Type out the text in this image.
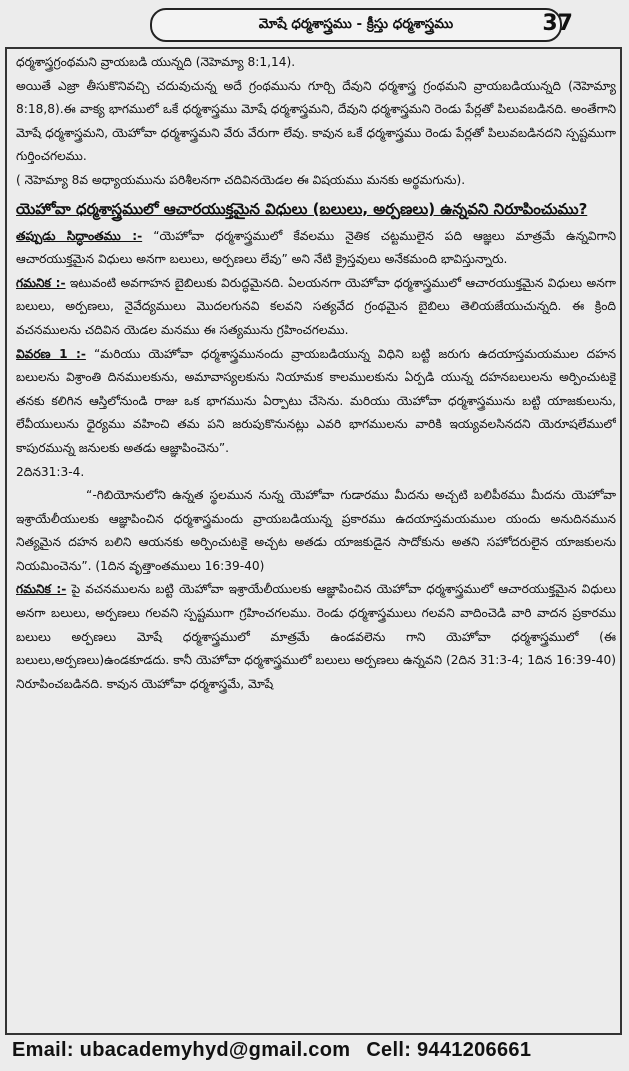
మోషే ధర్మశాస్త్రము - క్రీస్తు ధర్మశాస్త్రము	37

ధర్మశాస్త్రగ్రంథమని వ్రాయబడి యున్నది (నెహెమ్యా 8:1,14).

అయితే ఎజ్రా తీసుకొనివచ్చి చదువుచున్న అదే గ్రంథమును గూర్చి దేవుని ధర్మశాస్త్ర గ్రంథమని వ్రాయబడియున్నది (నెహెమ్యా 8:18,8).ఈ వాక్య భాగములో ఒకే ధర్మశాస్త్రము మోషే ధర్మశాస్త్రమని, దేవుని ధర్మశాస్త్రమని రెండు పేర్లతో పిలువబడినది. అంతేగాని మోషే ధర్మశాస్త్రమని, యెహోవా ధర్మశాస్త్రమని వేరు వేరుగా లేవు. కావున ఒకే ధర్మశాస్త్రము రెండు పేర్లతో పిలువబడినదని స్పష్టముగా గుర్తించగలము.

( నెహెమ్యా 8వ అధ్యాయమును పరిశీలనగా చదివినయెడల ఈ విషయము మనకు అర్థమగును).

యెహోవా ధర్మశాస్త్రములో ఆచారయుక్తమైన విధులు (బలులు, అర్పణలు) ఉన్నవని నిరూపించుము?

తప్పుడు సిద్ధాంతము :- “యెహోవా ధర్మశాస్త్రములో కేవలము నైతిక చట్టములైన పది ఆజ్ఞలు మాత్రమే ఉన్నవిగాని ఆచారయుక్తమైన విధులు అనగా బలులు, అర్పణలు లేవు” అని నేటి క్రైస్తవులు అనేకమంది భావిస్తున్నారు.

గమనిక :- ఇటువంటి అవగాహన బైబిలుకు విరుద్ధమైనది. ఏలయనగా యెహోవా ధర్మశాస్త్రములో ఆచారయుక్తమైన విధులు అనగా బలులు, అర్పణలు, నైవేద్యములు మొదలగునవి కలవని సత్యవేద గ్రంథమైన బైబిలు తెలియజేయుచున్నది. ఈ క్రింది వచనములను చదివిన యెడల మనము ఈ సత్యమును గ్రహించగలము.

వివరణ 1 :- “మరియు యెహోవా ధర్మశాస్త్రమునందు వ్రాయబడియున్న విధిని బట్టి జరుగు ఉదయాస్తమయముల దహన బలులను విశ్రాంతి దినములకును, అమావాస్యలకును నియామక కాలములకును ఏర్పడి యున్న దహనబలులను అర్పించుటకై తనకు కలిగిన ఆస్తిలోనుండి రాజు ఒక భాగమును ఏర్పాటు చేసెను. మరియు యెహోవా ధర్మశాస్త్రమును బట్టి యాజకులును, లేవీయులును ధైర్యము వహించి తమ పని జరుపుకొనునట్లు ఎవరి భాగములను వారికి ఇయ్యవలసినదని యెరూషలేములో కాపురమున్న జనులకు అతడు ఆజ్ఞాపించెను”.
2దిన31:3-4.

“-గిబియోనులోని ఉన్నత స్థలమున నున్న యెహోవా గుడారము మీదను అచ్చటి బలిపీఠము మీదను యెహోవా ఇశ్రాయేలీయులకు ఆజ్ఞాపించిన ధర్మశాస్త్రమందు వ్రాయబడియున్న ప్రకారము ఉదయాస్తమయముల యందు అనుదినమున నిత్యమైన దహన బలిని ఆయనకు అర్పించుటకై అచ్చట అతడు యాజకుడైన సాదోకును అతని సహోదరులైన యాజకులను నియమించెను”. (1దిన వృత్తాంతములు 16:39-40)

గమనిక :- పై వచనములను బట్టి యెహోవా ఇశ్రాయేలీయులకు ఆజ్ఞాపించిన యెహోవా ధర్మశాస్త్రములో ఆచారయుక్తమైన విధులు అనగా బలులు, అర్పణలు గలవని స్పష్టముగా గ్రహించగలము. రెండు ధర్మశాస్త్రములు గలవని వాదించెడి వారి వాదన ప్రకారము బలులు అర్పణలు మోషే ధర్మశాస్త్రములో మాత్రమే ఉండవలెను గాని యెహోవా ధర్మశాస్త్రములో (ఈ బలులు,అర్పణలు)ఉండకూడదు. కానీ యెహోవా ధర్మశాస్త్రములో బలులు అర్పణలు ఉన్నవని (2దిన 31:3-4; 1దిన 16:39-40) నిరూపించబడినది. కావున యెహోవా ధర్మశాస్త్రమే, మోషే

Email: ubacademyhyd@gmail.com Cell: 9441206661
